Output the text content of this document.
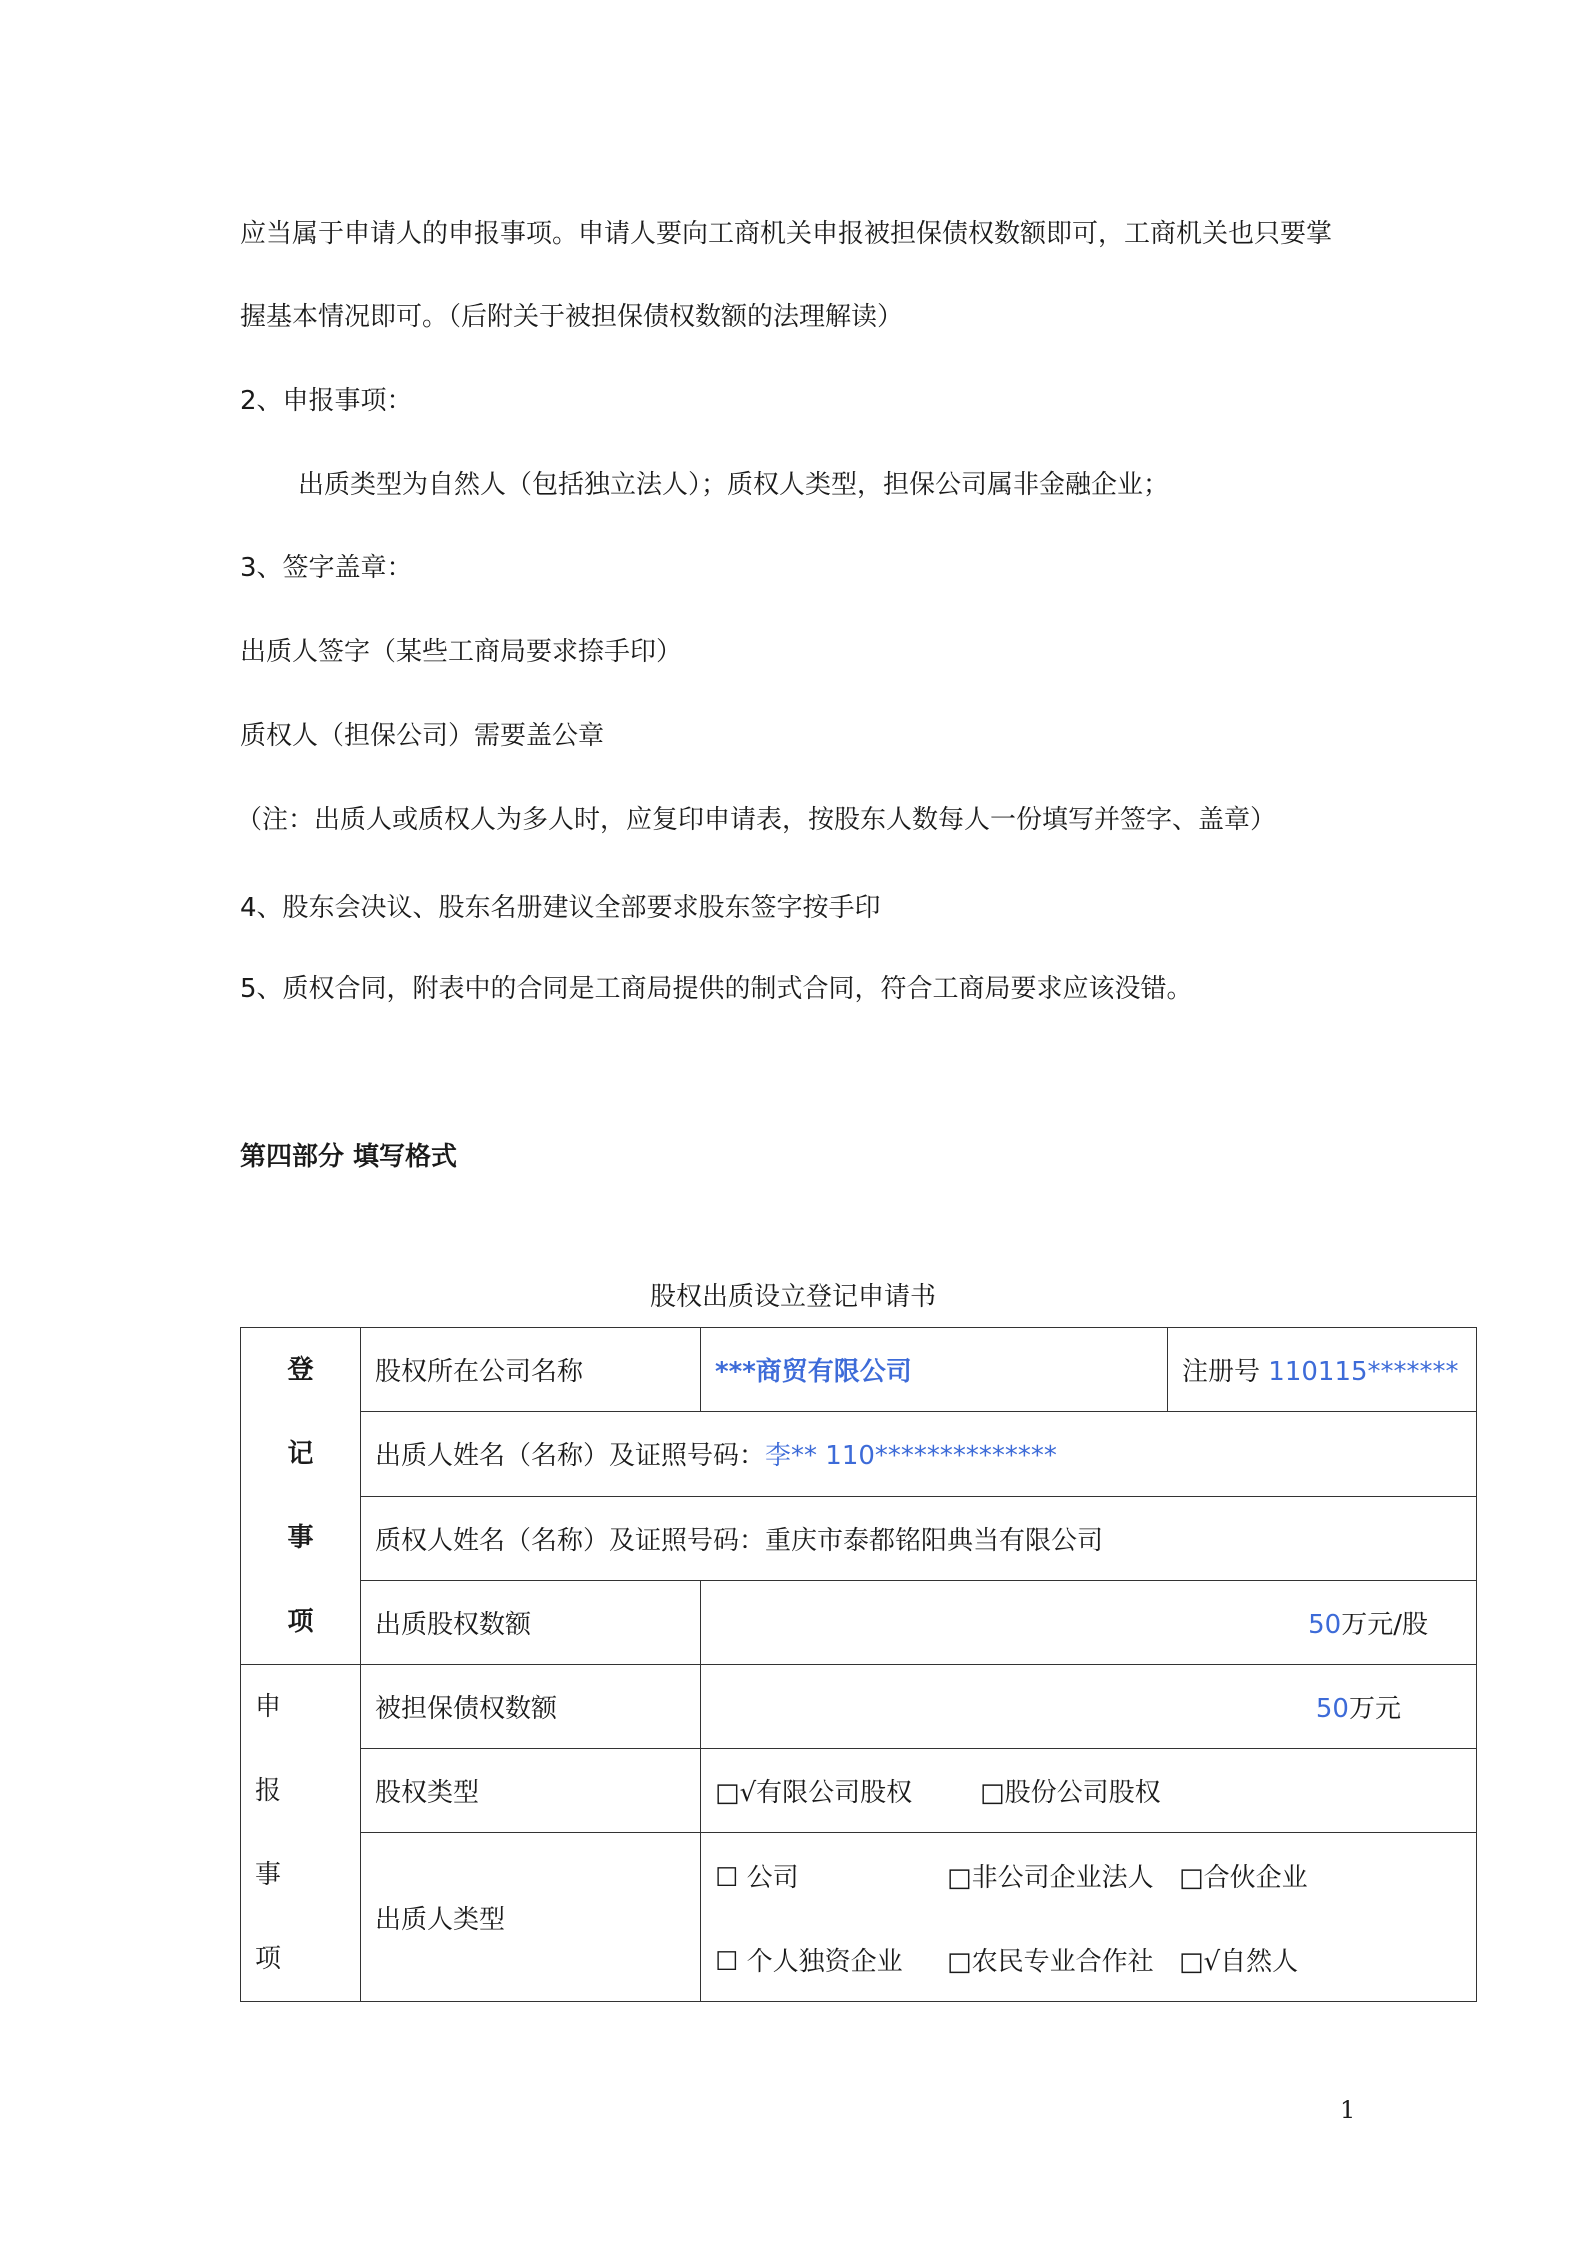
应当属于申请人的申报事项。申请人要向工商机关申报被担保债权数额即可，工商机关也只要掌
握基本情况即可。（后附关于被担保债权数额的法理解读）
2、申报事项：
出质类型为自然人（包括独立法人）；质权人类型，担保公司属非金融企业；
3、签字盖章：
出质人签字（某些工商局要求捺手印）
质权人（担保公司）需要盖公章
（注：出质人或质权人为多人时，应复印申请表，按股东人数每人一份填写并签字、盖章）
4、股东会决议、股东名册建议全部要求股东签字按手印
5、质权合同，附表中的合同是工商局提供的制式合同，符合工商局要求应该没错。
第四部分 填写格式
股权出质设立登记申请书
登
记
事
项	股权所在公司名称	***商贸有限公司	注册号 110115*******
	出质人姓名（名称）及证照号码：李** 110**************		
	质权人姓名（名称）及证照号码：重庆市泰都铭阳典当有限公司		
	出质股权数额	50万元/股	
申
报
事
项	被担保债权数额	50万元	
	股权类型	□√有限公司股权 □股份公司股权	
	出质人类型	☐ 公司 □非公司企业法人 □合伙企业	
		☐ 个人独资企业 □农民专业合作社 □√自然人	
1
